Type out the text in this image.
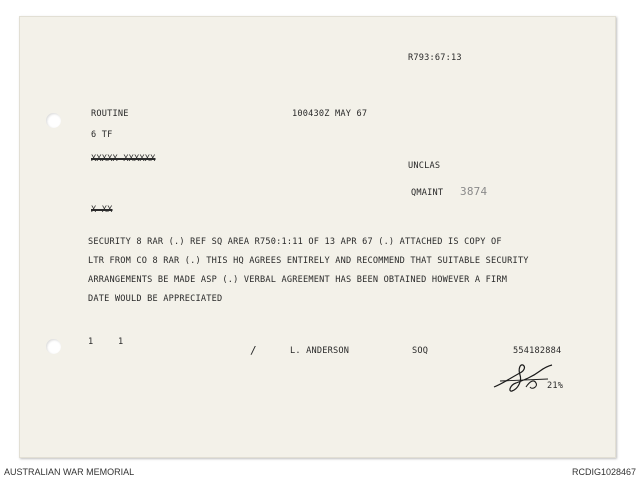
R793:67:13
ROUTINE	100430Z MAY 67
6 TF
XXXXX XXXXXX
UNCLAS
QMAINT 3874
X XX
SECURITY 8 RAR (.) REF SQ AREA R750:1:11 OF 13 APR 67 (.) ATTACHED IS COPY OF
LTR FROM CO 8 RAR (.) THIS HQ AGREES ENTIRELY AND RECOMMEND THAT SUITABLE SECURITY
ARRANGEMENTS BE MADE ASP (.) VERBAL AGREEMENT HAS BEEN OBTAINED HOWEVER A FIRM
DATE WOULD BE APPRECIATED
1	1
/	L. ANDERSON	SOQ	554182884
21%
AUSTRALIAN WAR MEMORIAL	RCDIG1028467
